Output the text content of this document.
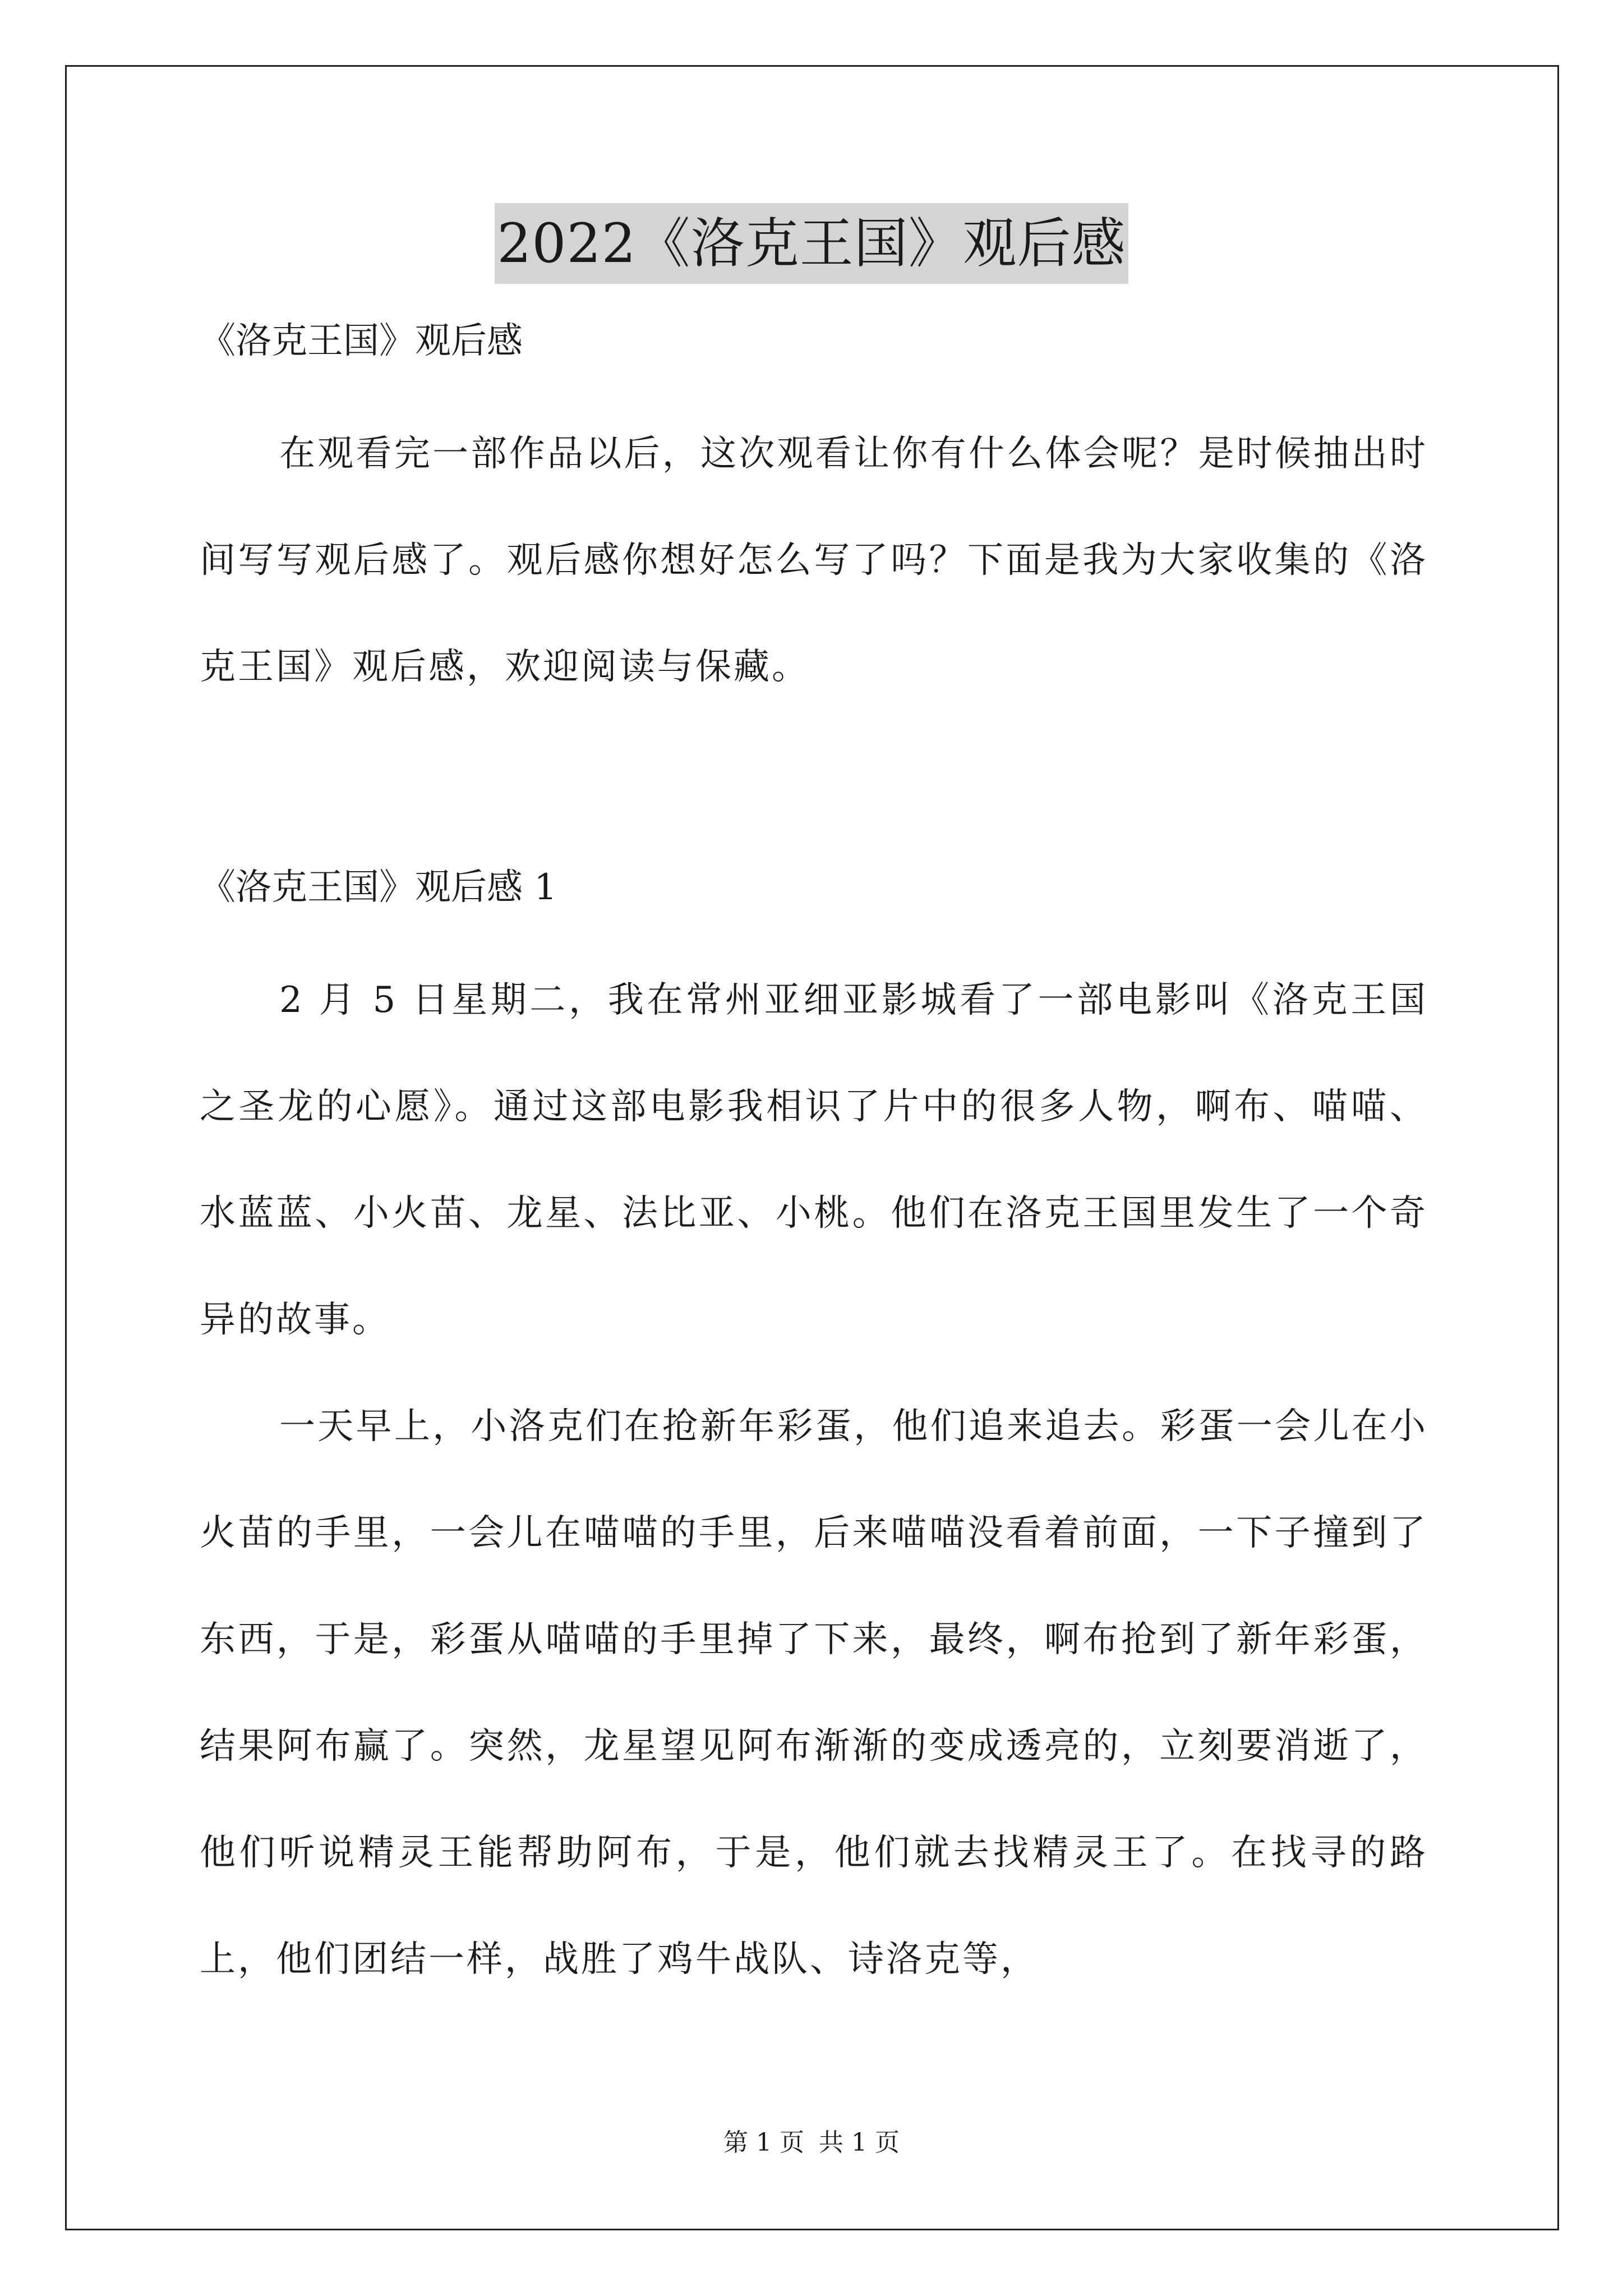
2022《洛克王国》观后感

《洛克王国》观后感

在观看完一部作品以后，这次观看让你有什么体会呢？是时候抽出时间写写观后感了。观后感你想好怎么写了吗？下面是我为大家收集的《洛克王国》观后感，欢迎阅读与保藏。

《洛克王国》观后感 1

2 月 5 日星期二，我在常州亚细亚影城看了一部电影叫《洛克王国之圣龙的心愿》。通过这部电影我相识了片中的很多人物，啊布、喵喵、水蓝蓝、小火苗、龙星、法比亚、小桃。他们在洛克王国里发生了一个奇异的故事。

一天早上，小洛克们在抢新年彩蛋，他们追来追去。彩蛋一会儿在小火苗的手里，一会儿在喵喵的手里，后来喵喵没看着前面，一下子撞到了东西，于是，彩蛋从喵喵的手里掉了下来，最终，啊布抢到了新年彩蛋，结果阿布赢了。突然，龙星望见阿布渐渐的变成透亮的，立刻要消逝了，他们听说精灵王能帮助阿布，于是，他们就去找精灵王了。在找寻的路上，他们团结一样，战胜了鸡牛战队、诗洛克等，

第 1 页 共 1 页
